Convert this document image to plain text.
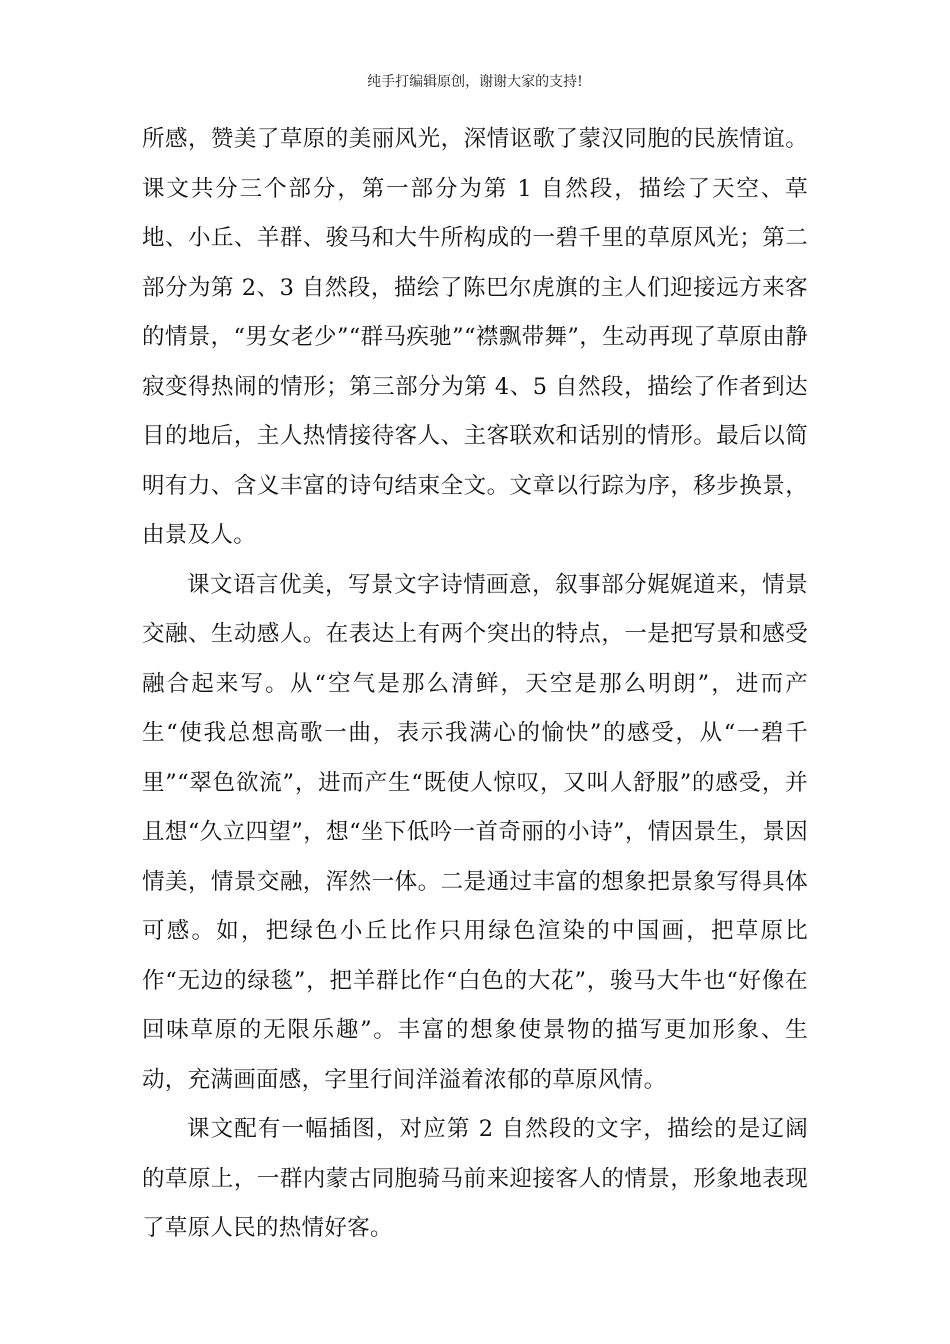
纯手打编辑原创，谢谢大家的支持!

所感，赞美了草原的美丽风光，深情讴歌了蒙汉同胞的民族情谊。课文共分三个部分，第一部分为第 1 自然段，描绘了天空、草地、小丘、羊群、骏马和大牛所构成的一碧千里的草原风光；第二部分为第 2、3 自然段，描绘了陈巴尔虎旗的主人们迎接远方来客的情景，“男女老少”“群马疾驰”“襟飘带舞”，生动再现了草原由静寂变得热闹的情形；第三部分为第 4、5 自然段，描绘了作者到达目的地后，主人热情接待客人、主客联欢和话别的情形。最后以简明有力、含义丰富的诗句结束全文。文章以行踪为序，移步换景，由景及人。

课文语言优美，写景文字诗情画意，叙事部分娓娓道来，情景交融、生动感人。在表达上有两个突出的特点，一是把写景和感受融合起来写。从“空气是那么清鲜，天空是那么明朗”，进而产生“使我总想高歌一曲，表示我满心的愉快”的感受，从“一碧千里”“翠色欲流”，进而产生“既使人惊叹，又叫人舒服”的感受，并且想“久立四望”，想“坐下低吟一首奇丽的小诗”，情因景生，景因情美，情景交融，浑然一体。二是通过丰富的想象把景象写得具体可感。如，把绿色小丘比作只用绿色渲染的中国画，把草原比作“无边的绿毯”，把羊群比作“白色的大花”，骏马大牛也“好像在回味草原的无限乐趣”。丰富的想象使景物的描写更加形象、生动，充满画面感，字里行间洋溢着浓郁的草原风情。

课文配有一幅插图，对应第 2 自然段的文字，描绘的是辽阔的草原上，一群内蒙古同胞骑马前来迎接客人的情景，形象地表现了草原人民的热情好客。
